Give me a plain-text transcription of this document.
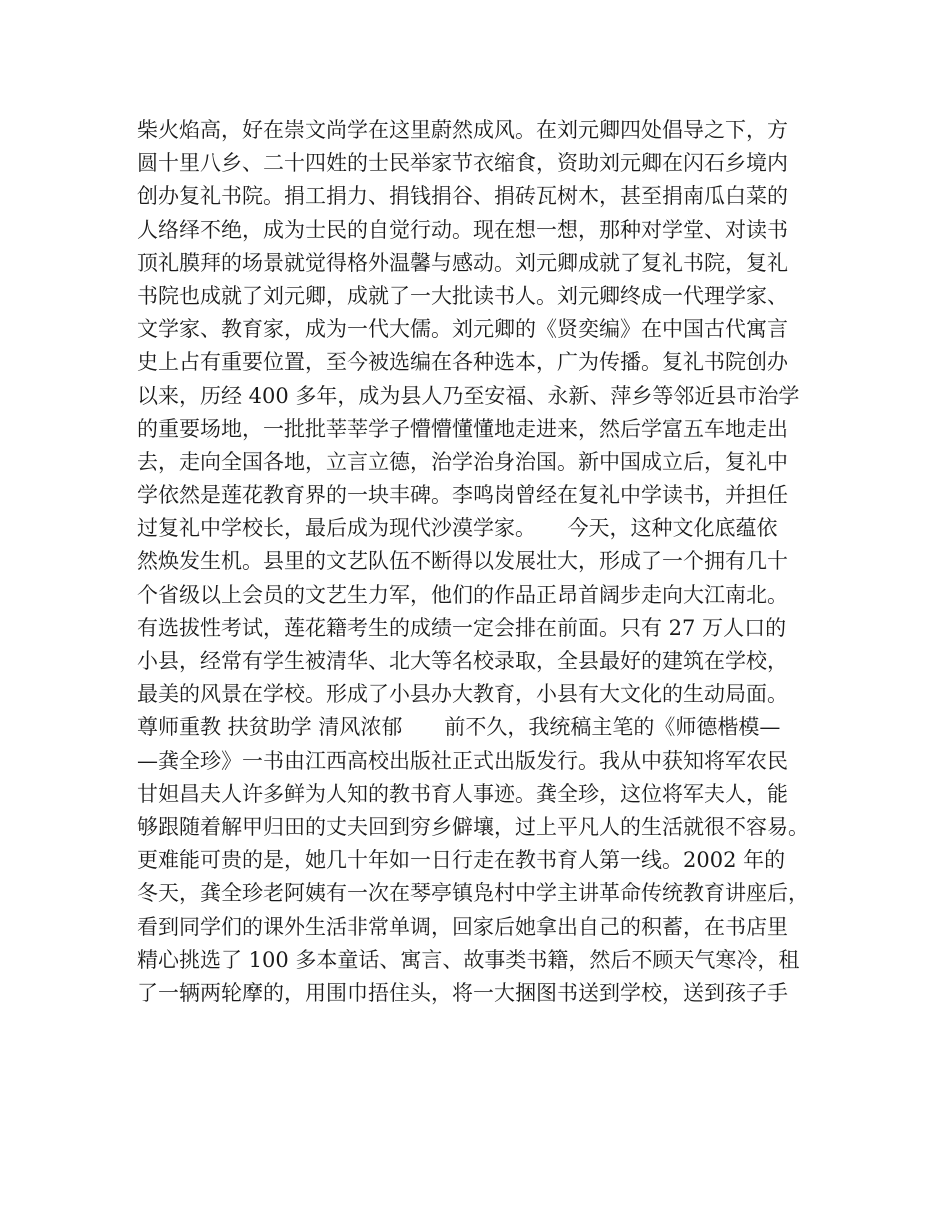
柴火焰高，好在崇文尚学在这里蔚然成风。在刘元卿四处倡导之下，方
圆十里八乡、二十四姓的士民举家节衣缩食，资助刘元卿在闪石乡境内
创办复礼书院。捐工捐力、捐钱捐谷、捐砖瓦树木，甚至捐南瓜白菜的
人络绎不绝，成为士民的自觉行动。现在想一想，那种对学堂、对读书
顶礼膜拜的场景就觉得格外温馨与感动。刘元卿成就了复礼书院，复礼
书院也成就了刘元卿，成就了一大批读书人。刘元卿终成一代理学家、
文学家、教育家，成为一代大儒。刘元卿的《贤奕编》在中国古代寓言
史上占有重要位置，至今被选编在各种选本，广为传播。复礼书院创办
以来，历经 400 多年，成为县人乃至安福、永新、萍乡等邻近县市治学
的重要场地，一批批莘莘学子懵懵懂懂地走进来，然后学富五车地走出
去，走向全国各地，立言立德，治学治身治国。新中国成立后，复礼中
学依然是莲花教育界的一块丰碑。李鸣岗曾经在复礼中学读书，并担任
过复礼中学校长，最后成为现代沙漠学家。　　今天，这种文化底蕴依
然焕发生机。县里的文艺队伍不断得以发展壮大，形成了一个拥有几十
个省级以上会员的文艺生力军，他们的作品正昂首阔步走向大江南北。
有选拔性考试，莲花籍考生的成绩一定会排在前面。只有 27 万人口的
小县，经常有学生被清华、北大等名校录取，全县最好的建筑在学校，
最美的风景在学校。形成了小县办大教育，小县有大文化的生动局面。
尊师重教 扶贫助学 清风浓郁　　前不久，我统稿主笔的《师德楷模—
—龚全珍》一书由江西高校出版社正式出版发行。我从中获知将军农民
甘妲昌夫人许多鲜为人知的教书育人事迹。龚全珍，这位将军夫人，能
够跟随着解甲归田的丈夫回到穷乡僻壤，过上平凡人的生活就很不容易。
更难能可贵的是，她几十年如一日行走在教书育人第一线。2002 年的
冬天，龚全珍老阿姨有一次在琴亭镇凫村中学主讲革命传统教育讲座后，
看到同学们的课外生活非常单调，回家后她拿出自己的积蓄，在书店里
精心挑选了 100 多本童话、寓言、故事类书籍，然后不顾天气寒冷，租
了一辆两轮摩的，用围巾捂住头，将一大捆图书送到学校，送到孩子手
